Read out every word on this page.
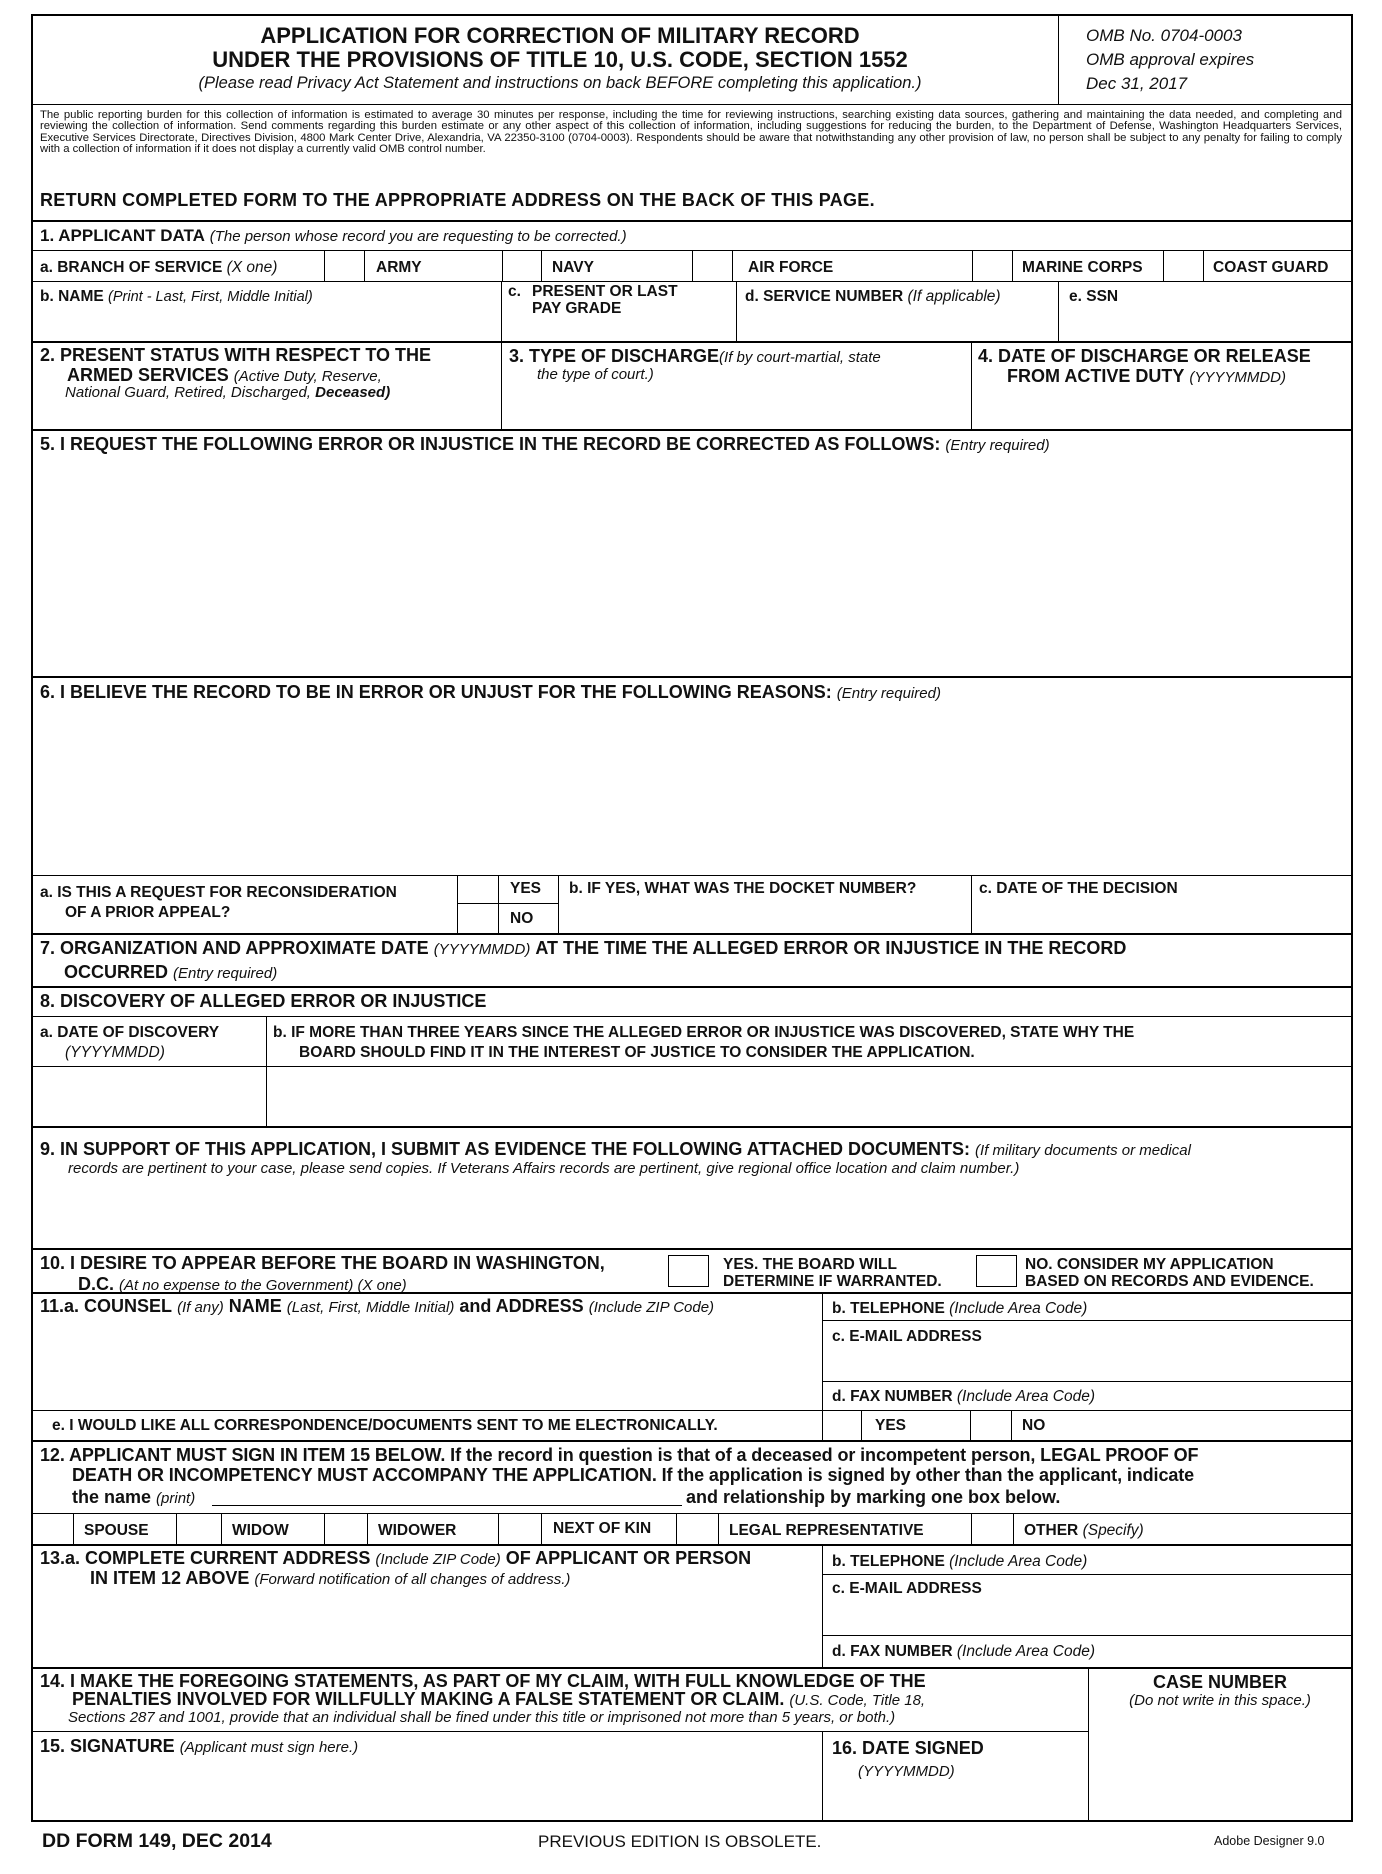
APPLICATION FOR CORRECTION OF MILITARY RECORD
UNDER THE PROVISIONS OF TITLE 10, U.S. CODE, SECTION 1552
(Please read Privacy Act Statement and instructions on back BEFORE completing this application.)
OMB No. 0704-0003
OMB approval expires
Dec 31, 2017
The public reporting burden for this collection of information is estimated to average 30 minutes per response, including the time for reviewing instructions, searching existing data sources, gathering and maintaining the data needed, and completing and reviewing the collection of information. Send comments regarding this burden estimate or any other aspect of this collection of information, including suggestions for reducing the burden, to the Department of Defense, Washington Headquarters Services, Executive Services Directorate, Directives Division, 4800 Mark Center Drive, Alexandria, VA 22350-3100 (0704-0003). Respondents should be aware that notwithstanding any other provision of law, no person shall be subject to any penalty for failing to comply with a collection of information if it does not display a currently valid OMB control number.
RETURN COMPLETED FORM TO THE APPROPRIATE ADDRESS ON THE BACK OF THIS PAGE.
1. APPLICANT DATA (The person whose record you are requesting to be corrected.)
a. BRANCH OF SERVICE (X one)	ARMY	NAVY	AIR FORCE	MARINE CORPS	COAST GUARD
b. NAME (Print - Last, First, Middle Initial)	c. PRESENT OR LAST PAY GRADE
d. SERVICE NUMBER (If applicable)	e. SSN
2. PRESENT STATUS WITH RESPECT TO THE
ARMED SERVICES (Active Duty, Reserve,
National Guard, Retired, Discharged, Deceased)
3. TYPE OF DISCHARGE(If by court-martial, state
the type of court.)
4. DATE OF DISCHARGE OR RELEASE
FROM ACTIVE DUTY (YYYYMMDD)
5. I REQUEST THE FOLLOWING ERROR OR INJUSTICE IN THE RECORD BE CORRECTED AS FOLLOWS: (Entry required)
6. I BELIEVE THE RECORD TO BE IN ERROR OR UNJUST FOR THE FOLLOWING REASONS: (Entry required)
a. IS THIS A REQUEST FOR RECONSIDERATION
OF A PRIOR APPEAL?
YES
NO
b. IF YES, WHAT WAS THE DOCKET NUMBER?	c. DATE OF THE DECISION
7. ORGANIZATION AND APPROXIMATE DATE (YYYYMMDD) AT THE TIME THE ALLEGED ERROR OR INJUSTICE IN THE RECORD
OCCURRED (Entry required)
8. DISCOVERY OF ALLEGED ERROR OR INJUSTICE
a. DATE OF DISCOVERY
(YYYYMMDD)
b. IF MORE THAN THREE YEARS SINCE THE ALLEGED ERROR OR INJUSTICE WAS DISCOVERED, STATE WHY THE
BOARD SHOULD FIND IT IN THE INTEREST OF JUSTICE TO CONSIDER THE APPLICATION.
9. IN SUPPORT OF THIS APPLICATION, I SUBMIT AS EVIDENCE THE FOLLOWING ATTACHED DOCUMENTS: (If military documents or medical
records are pertinent to your case, please send copies. If Veterans Affairs records are pertinent, give regional office location and claim number.)
10. I DESIRE TO APPEAR BEFORE THE BOARD IN WASHINGTON,
D.C. (At no expense to the Government) (X one)
YES. THE BOARD WILL
DETERMINE IF WARRANTED.
NO. CONSIDER MY APPLICATION
BASED ON RECORDS AND EVIDENCE.
11.a. COUNSEL (If any) NAME (Last, First, Middle Initial) and ADDRESS (Include ZIP Code)	b. TELEPHONE (Include Area Code)
c. E-MAIL ADDRESS
d. FAX NUMBER (Include Area Code)
e. I WOULD LIKE ALL CORRESPONDENCE/DOCUMENTS SENT TO ME ELECTRONICALLY.	YES	NO
12. APPLICANT MUST SIGN IN ITEM 15 BELOW. If the record in question is that of a deceased or incompetent person, LEGAL PROOF OF
DEATH OR INCOMPETENCY MUST ACCOMPANY THE APPLICATION. If the application is signed by other than the applicant, indicate
the name (print)	and relationship by marking one box below.
SPOUSE	WIDOW	WIDOWER	NEXT OF KIN	LEGAL REPRESENTATIVE	OTHER (Specify)
13.a. COMPLETE CURRENT ADDRESS (Include ZIP Code) OF APPLICANT OR PERSON
IN ITEM 12 ABOVE (Forward notification of all changes of address.)
b. TELEPHONE (Include Area Code)
c. E-MAIL ADDRESS
d. FAX NUMBER (Include Area Code)
14. I MAKE THE FOREGOING STATEMENTS, AS PART OF MY CLAIM, WITH FULL KNOWLEDGE OF THE
PENALTIES INVOLVED FOR WILLFULLY MAKING A FALSE STATEMENT OR CLAIM. (U.S. Code, Title 18,
Sections 287 and 1001, provide that an individual shall be fined under this title or imprisoned not more than 5 years, or both.)
CASE NUMBER
(Do not write in this space.)
15. SIGNATURE (Applicant must sign here.)	16. DATE SIGNED
(YYYYMMDD)
DD FORM 149, DEC 2014	PREVIOUS EDITION IS OBSOLETE.	Adobe Designer 9.0
